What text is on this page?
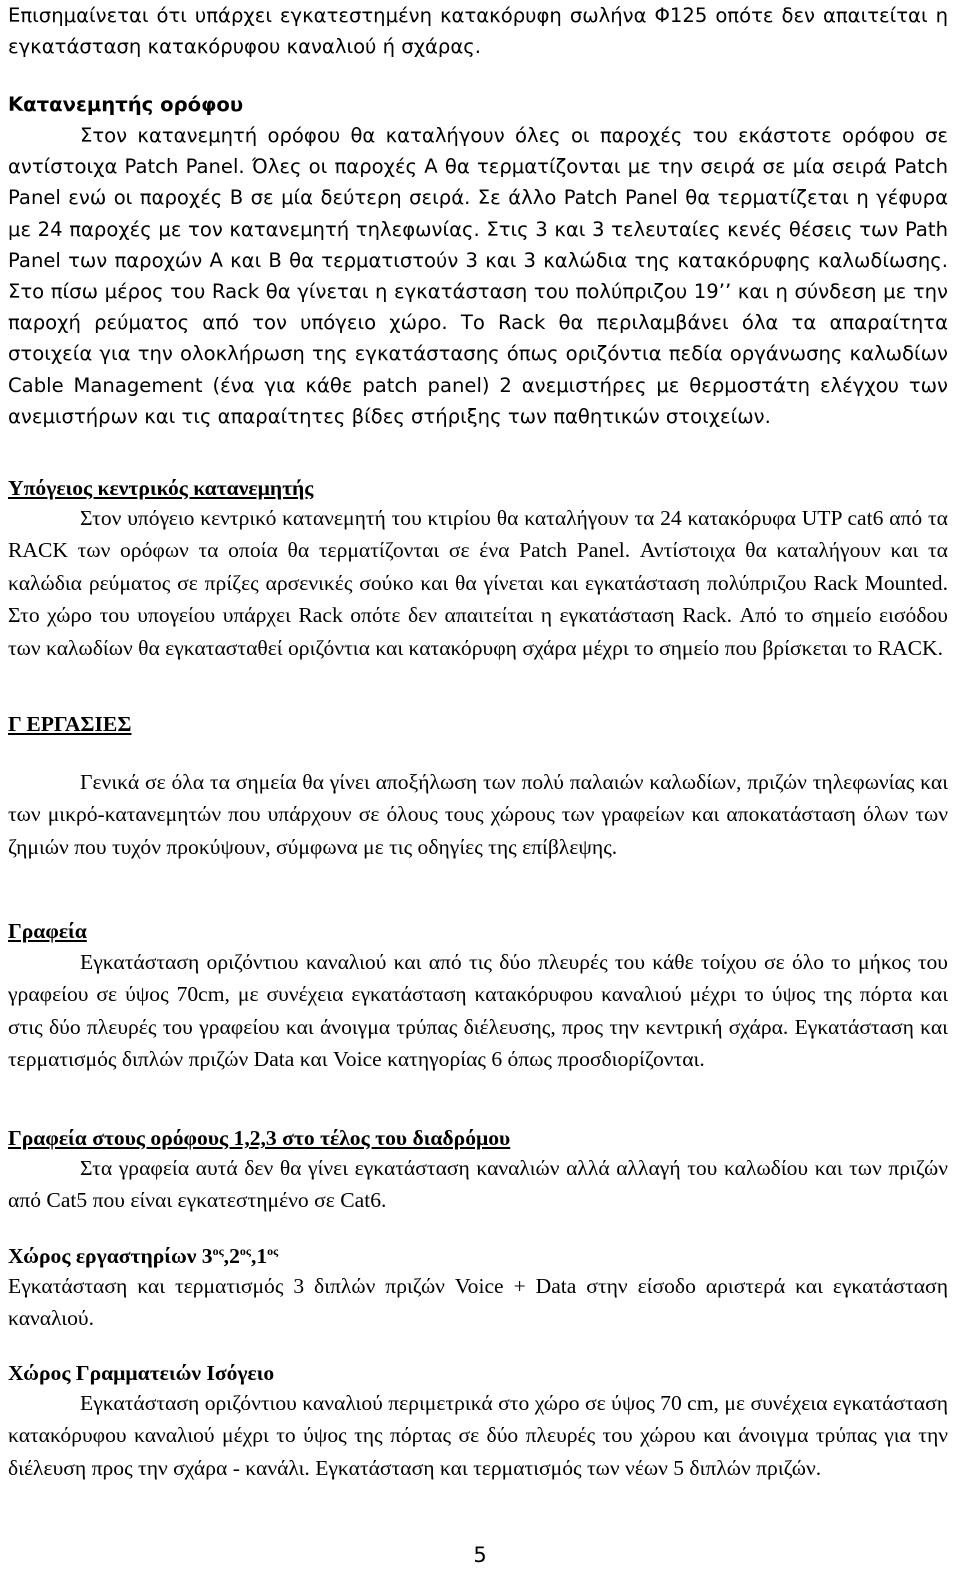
Επισημαίνεται ότι υπάρχει εγκατεστημένη κατακόρυφη σωλήνα Φ125 οπότε δεν απαιτείται η εγκατάσταση κατακόρυφου καναλιού ή σχάρας.

Κατανεμητής ορόφου

Στον κατανεμητή ορόφου θα καταλήγουν όλες οι παροχές του εκάστοτε ορόφου σε αντίστοιχα Patch Panel. Όλες οι παροχές Α θα τερματίζονται με την σειρά σε μία σειρά Patch Panel ενώ οι παροχές Β σε μία δεύτερη σειρά. Σε άλλο Patch Panel θα τερματίζεται η γέφυρα με 24 παροχές με τον κατανεμητή τηλεφωνίας. Στις 3 και 3 τελευταίες κενές θέσεις των Path Panel των παροχών Α και Β θα τερματιστούν 3 και 3 καλώδια της κατακόρυφης καλωδίωσης. Στο πίσω μέρος του Rack θα γίνεται η εγκατάσταση του πολύπριζου 19’’ και η σύνδεση με την παροχή ρεύματος από τον υπόγειο χώρο. Το Rack θα περιλαμβάνει όλα τα απαραίτητα στοιχεία για την ολοκλήρωση της εγκατάστασης όπως οριζόντια πεδία οργάνωσης καλωδίων Cable Management (ένα για κάθε patch panel) 2 ανεμιστήρες με θερμοστάτη ελέγχου των ανεμιστήρων και τις απαραίτητες βίδες στήριξης των παθητικών στοιχείων.

Υπόγειος κεντρικός κατανεμητής

Στον υπόγειο κεντρικό κατανεμητή του κτιρίου θα καταλήγουν τα 24 κατακόρυφα UTP cat6 από τα RACK των ορόφων τα οποία θα τερματίζονται σε ένα Patch Panel. Αντίστοιχα θα καταλήγουν και τα καλώδια ρεύματος σε πρίζες αρσενικές σούκο και θα γίνεται και εγκατάσταση πολύπριζου Rack Mounted. Στο χώρο του υπογείου υπάρχει Rack οπότε δεν απαιτείται η εγκατάσταση Rack. Από το σημείο εισόδου των καλωδίων θα εγκατασταθεί οριζόντια και κατακόρυφη σχάρα μέχρι το σημείο που βρίσκεται το RACK.

Γ ΕΡΓΑΣΙΕΣ

Γενικά σε όλα τα σημεία θα γίνει αποξήλωση των πολύ παλαιών καλωδίων, πριζών τηλεφωνίας και των μικρό-κατανεμητών που υπάρχουν σε όλους τους χώρους των γραφείων και αποκατάσταση όλων των ζημιών που τυχόν προκύψουν, σύμφωνα με τις οδηγίες της επίβλεψης.

Γραφεία

Εγκατάσταση οριζόντιου καναλιού και από τις δύο πλευρές του κάθε τοίχου σε όλο το μήκος του γραφείου σε ύψος 70cm, με συνέχεια εγκατάσταση κατακόρυφου καναλιού μέχρι το ύψος της πόρτα και στις δύο πλευρές του γραφείου και άνοιγμα τρύπας διέλευσης, προς την κεντρική σχάρα. Εγκατάσταση και τερματισμός διπλών πριζών Data και Voice κατηγορίας 6 όπως προσδιορίζονται.

Γραφεία στους ορόφους 1,2,3 στο τέλος του διαδρόμου

Στα γραφεία αυτά δεν θα γίνει εγκατάσταση καναλιών αλλά αλλαγή του καλωδίου και των πριζών από Cat5 που είναι εγκατεστημένο σε Cat6.

Χώρος εργαστηρίων $3^{o\varsigma},2^{o\varsigma},1^{o\varsigma}$

Εγκατάσταση και τερματισμός 3 διπλών πριζών Voice + Data στην είσοδο αριστερά και εγκατάσταση καναλιού.

Χώρος Γραμματειών Ισόγειο

Εγκατάσταση οριζόντιου καναλιού περιμετρικά στο χώρο σε ύψος 70 cm, με συνέχεια εγκατάσταση κατακόρυφου καναλιού μέχρι το ύψος της πόρτας σε δύο πλευρές του χώρου και άνοιγμα τρύπας για την διέλευση προς την σχάρα - κανάλι. Εγκατάσταση και τερματισμός των νέων 5 διπλών πριζών.

5
